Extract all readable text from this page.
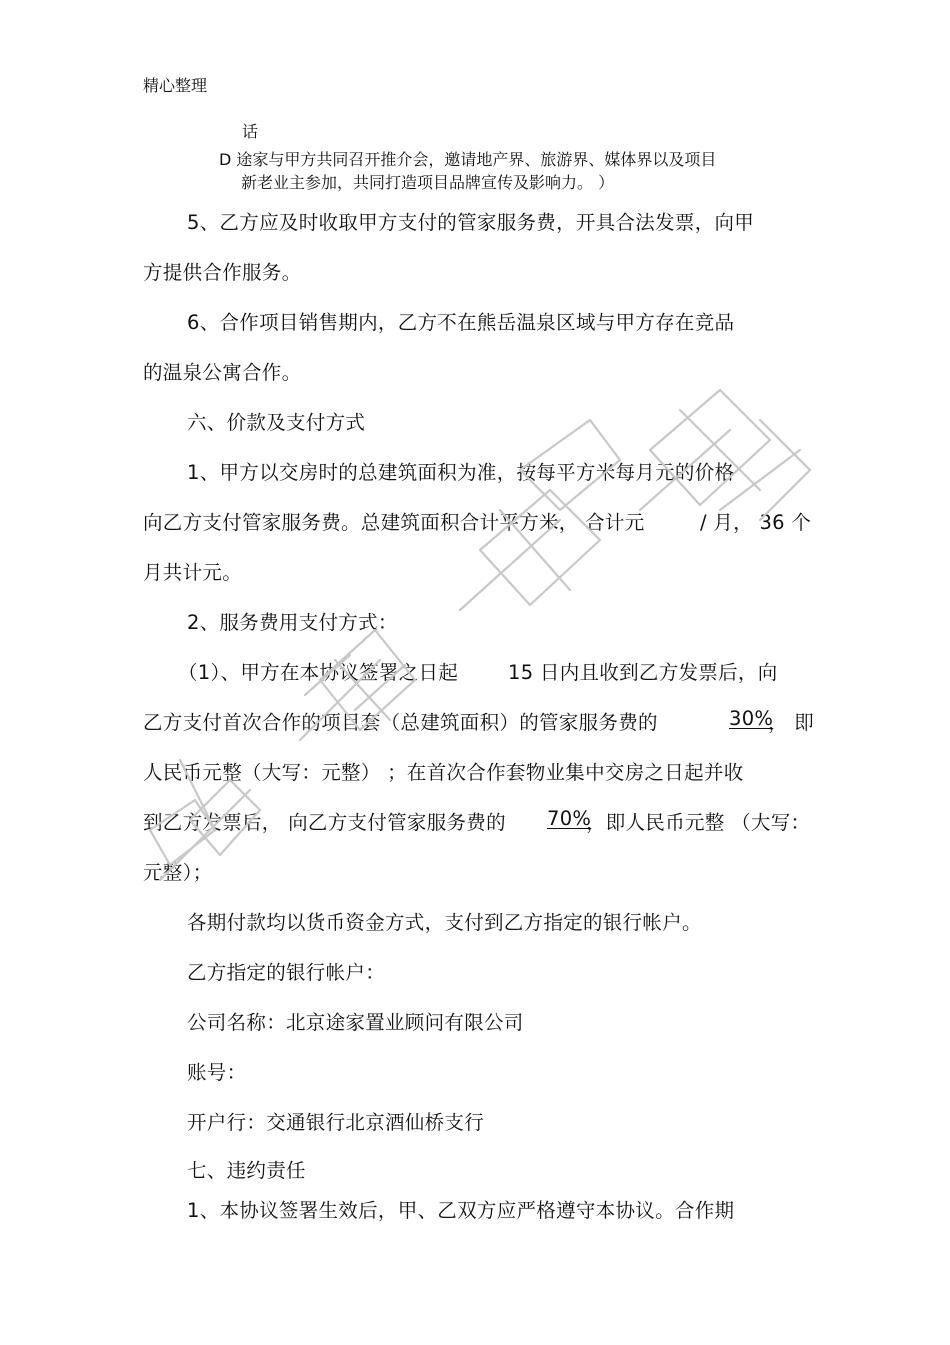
精心整理
话
D 途家与甲方共同召开推介会，邀请地产界、旅游界、媒体界以及项目
新老业主参加，共同打造项目品牌宣传及影响力。 ）
5、乙方应及时收取甲方支付的管家服务费，开具合法发票，向甲
方提供合作服务。
6、合作项目销售期内，乙方不在熊岳温泉区域与甲方存在竞品
的温泉公寓合作。
六、价款及支付方式
1、甲方以交房时的总建筑面积为准，按每平方米每月元的价格
向乙方支付管家服务费。总建筑面积合计平方米， 合计元	/ 月， 36 个
月共计元。
2、服务费用支付方式：
（1）、甲方在本协议签署之日起	15 日内且收到乙方发票后，向
乙方支付首次合作的项目套（总建筑面积）的管家服务费的	30%
， 即
人民币元整（大写：元整） ；在首次合作套物业集中交房之日起并收
到乙方发票后， 向乙方支付管家服务费的 70%
，即人民币元整 （大写：
元整）；
各期付款均以货币资金方式，支付到乙方指定的银行帐户。
乙方指定的银行帐户：
公司名称：北京途家置业顾问有限公司
账号：
开户行：交通银行北京酒仙桥支行
七、违约责任
1、本协议签署生效后，甲、乙双方应严格遵守本协议。合作期
